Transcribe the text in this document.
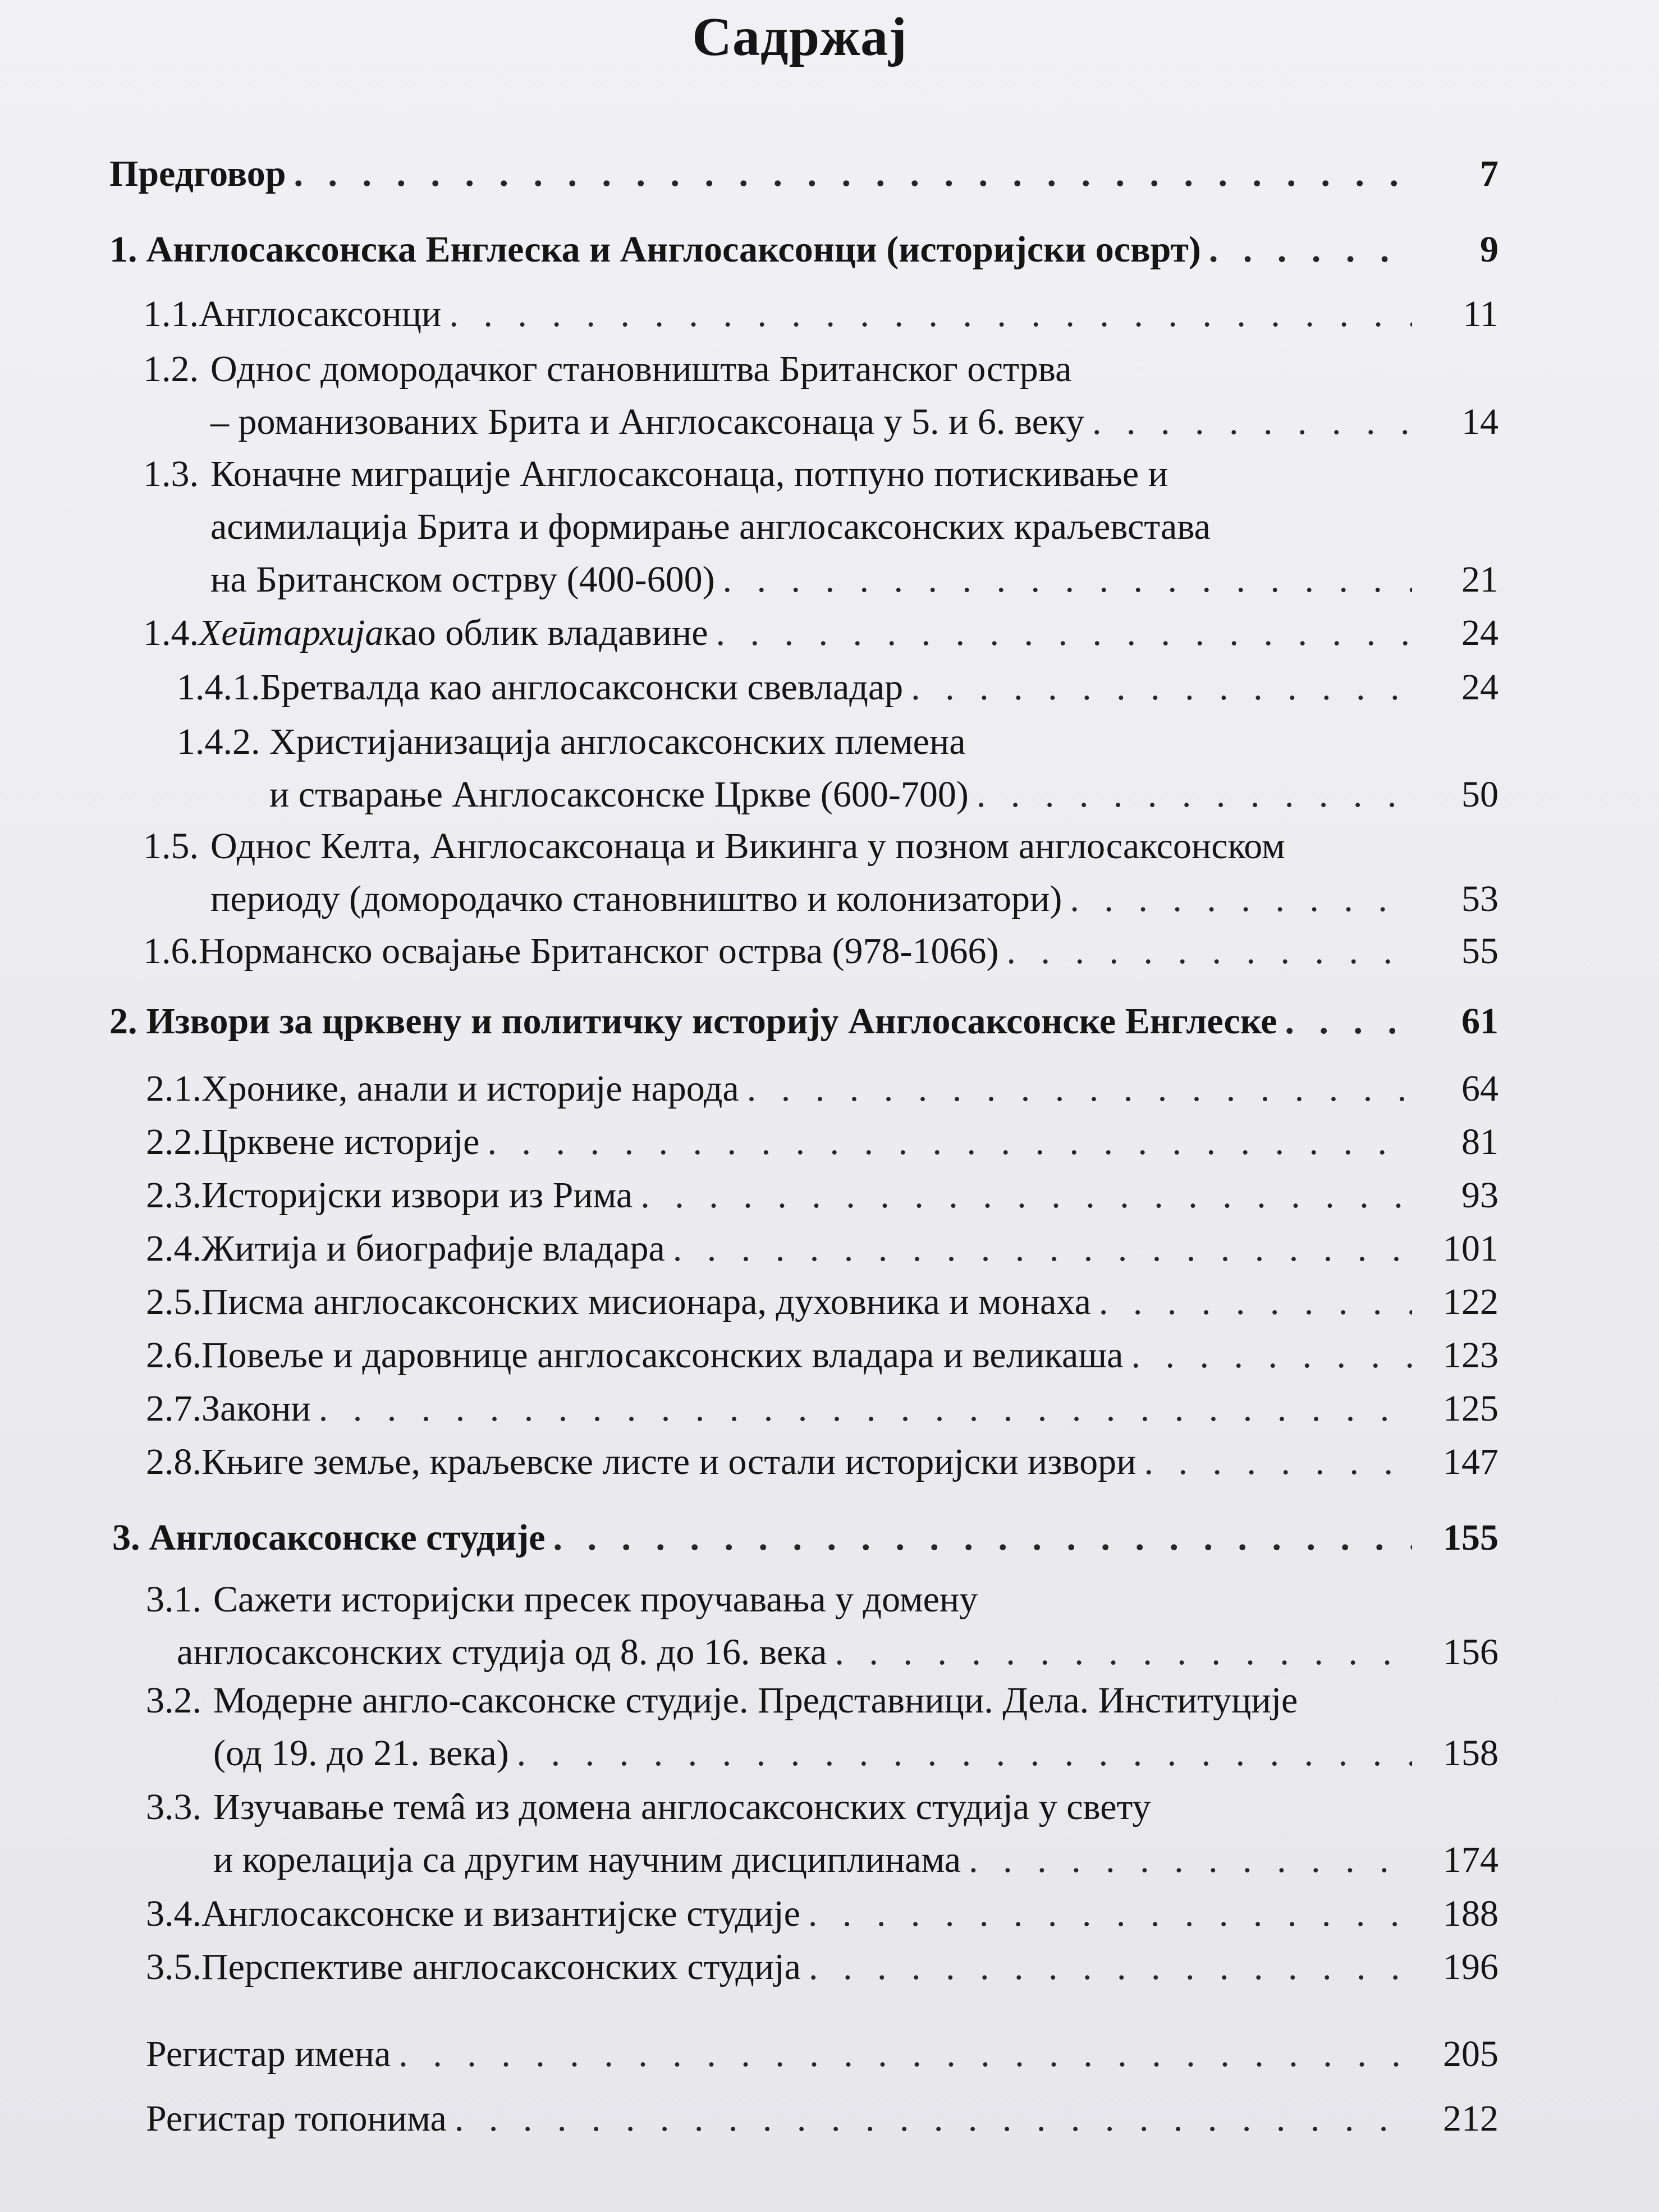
Садржај
7
Предговор
. . .
9
1. Англосаксонска Енглеска и Англосаксонци (историјски осврт)
. . .
11
1.1. Англосаксонци
. . .
1.2. Однос домородачког становништва Британског острва
14
– романизованих Брита и Англосаксонаца у 5. и 6. веку
. . .
1.3. Коначне миграције Англосаксонаца, потпуно потискивање и
асимилација Брита и формирање англосаксонских краљевстава
21
на Британском острву (400-600)
. . .
24
1.4. Хеӣтархија као облик владавине
. . .
24
1.4.1. Бретвалда као англосаксонски свевладар
. . .
1.4.2. Христијанизација англосаксонских племена
50
и стварање Англосаксонске Цркве (600-700)
. . .
1.5. Однос Келта, Англосаксонаца и Викинга у позном англосаксонском
53
периоду (домородачко становништво и колонизатори)
. . .
55
1.6. Норманско освајање Британског острва (978-1066)
. . .
61
2. Извори за црквену и политичку историју Англосаксонске Енглеске
. . .
64
2.1. Хронике, анали и историје народа
. . .
81
2.2. Црквене историје
. . .
93
2.3. Историјски извори из Рима
. . .
101
2.4. Житија и биографије владара
. . .
122
2.5. Писма англосаксонских мисионара, духовника и монаха
. . .
123
2.6. Повеље и даровнице англосаксонских владара и великаша
. . .
125
2.7. Закони
. . .
147
2.8. Књиге земље, краљевске листе и остали историјски извори
. . .
155
3. Англосаксонске студије
. . .
3.1. Сажети историјски пресек проучавања у домену
156
англосаксонских студија од 8. до 16. века
. . .
3.2. Модерне англо-саксонске студије. Представници. Дела. Институције
158
(од 19. до 21. века)
. . .
3.3. Изучавање темâ из домена англосаксонских студија у свету
174
и корелација са другим научним дисциплинама
. . .
188
3.4. Англосаксонске и византијске студије
. . .
196
3.5. Перспективе англосаксонских студија
. . .
205
Регистар имена
. . .
212
Регистар топонима
. . .
